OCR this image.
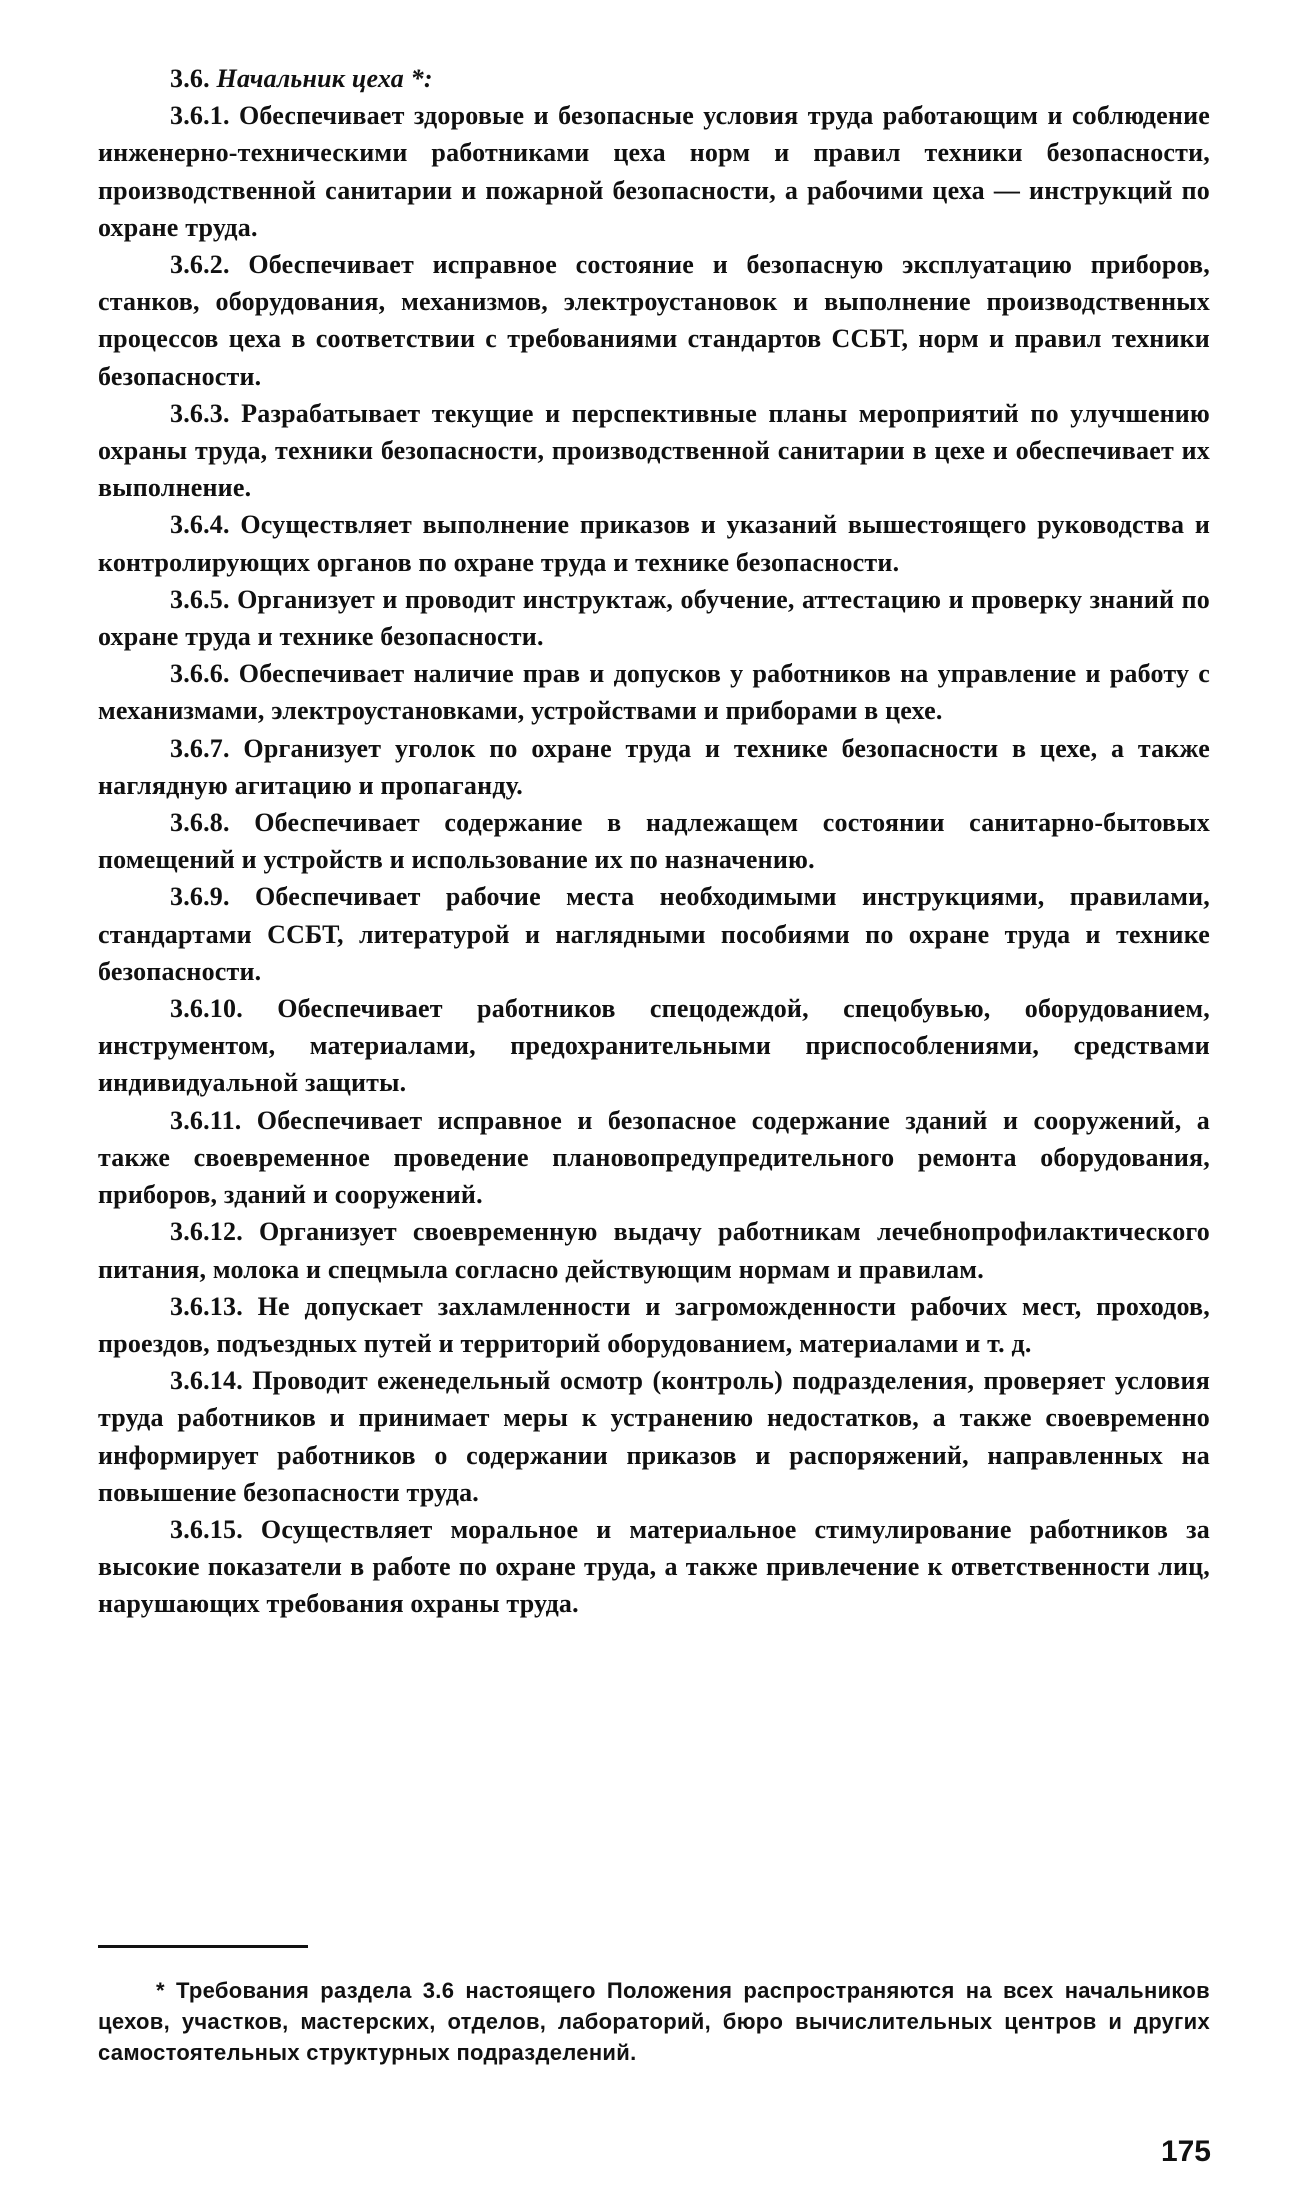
3.6. Начальник цеха *:

3.6.1. Обеспечивает здоровые и безопасные условия труда работающим и соблюдение инженерно-техническими работниками цеха норм и правил техники безопасности, производственной санитарии и пожарной безопасности, а рабочими цеха — инструкций по охране труда.

3.6.2. Обеспечивает исправное состояние и безопасную эксплуатацию приборов, станков, оборудования, механизмов, электроустановок и выполнение производственных процессов цеха в соответствии с требованиями стандартов ССБТ, норм и правил техники безопасности.

3.6.3. Разрабатывает текущие и перспективные планы мероприятий по улучшению охраны труда, техники безопасности, производственной санитарии в цехе и обеспечивает их выполнение.

3.6.4. Осуществляет выполнение приказов и указаний вышестоящего руководства и контролирующих органов по охране труда и технике безопасности.

3.6.5. Организует и проводит инструктаж, обучение, аттестацию и проверку знаний по охране труда и технике безопасности.

3.6.6. Обеспечивает наличие прав и допусков у работников на управление и работу с механизмами, электроустановками, устройствами и приборами в цехе.

3.6.7. Организует уголок по охране труда и технике безопасности в цехе, а также наглядную агитацию и пропаганду.

3.6.8. Обеспечивает содержание в надлежащем состоянии санитарно-бытовых помещений и устройств и использование их по назначению.

3.6.9. Обеспечивает рабочие места необходимыми инструкциями, правилами, стандартами ССБТ, литературой и наглядными пособиями по охране труда и технике безопасности.

3.6.10. Обеспечивает работников спецодеждой, спецобувью, оборудованием, инструментом, материалами, предохранительными приспособлениями, средствами индивидуальной защиты.

3.6.11. Обеспечивает исправное и безопасное содержание зданий и сооружений, а также своевременное проведение плановопредупредительного ремонта оборудования, приборов, зданий и сооружений.

3.6.12. Организует своевременную выдачу работникам лечебнопрофилактического питания, молока и спецмыла согласно действующим нормам и правилам.

3.6.13. Не допускает захламленности и загроможденности рабочих мест, проходов, проездов, подъездных путей и территорий оборудованием, материалами и т. д.

3.6.14. Проводит еженедельный осмотр (контроль) подразделения, проверяет условия труда работников и принимает меры к устранению недостатков, а также своевременно информирует работников о содержании приказов и распоряжений, направленных на повышение безопасности труда.

3.6.15. Осуществляет моральное и материальное стимулирование работников за высокие показатели в работе по охране труда, а также привлечение к ответственности лиц, нарушающих требования охраны труда.

* Требования раздела 3.6 настоящего Положения распространяются на всех начальников цехов, участков, мастерских, отделов, лабораторий, бюро вычислительных центров и других самостоятельных структурных подразделений.

175
